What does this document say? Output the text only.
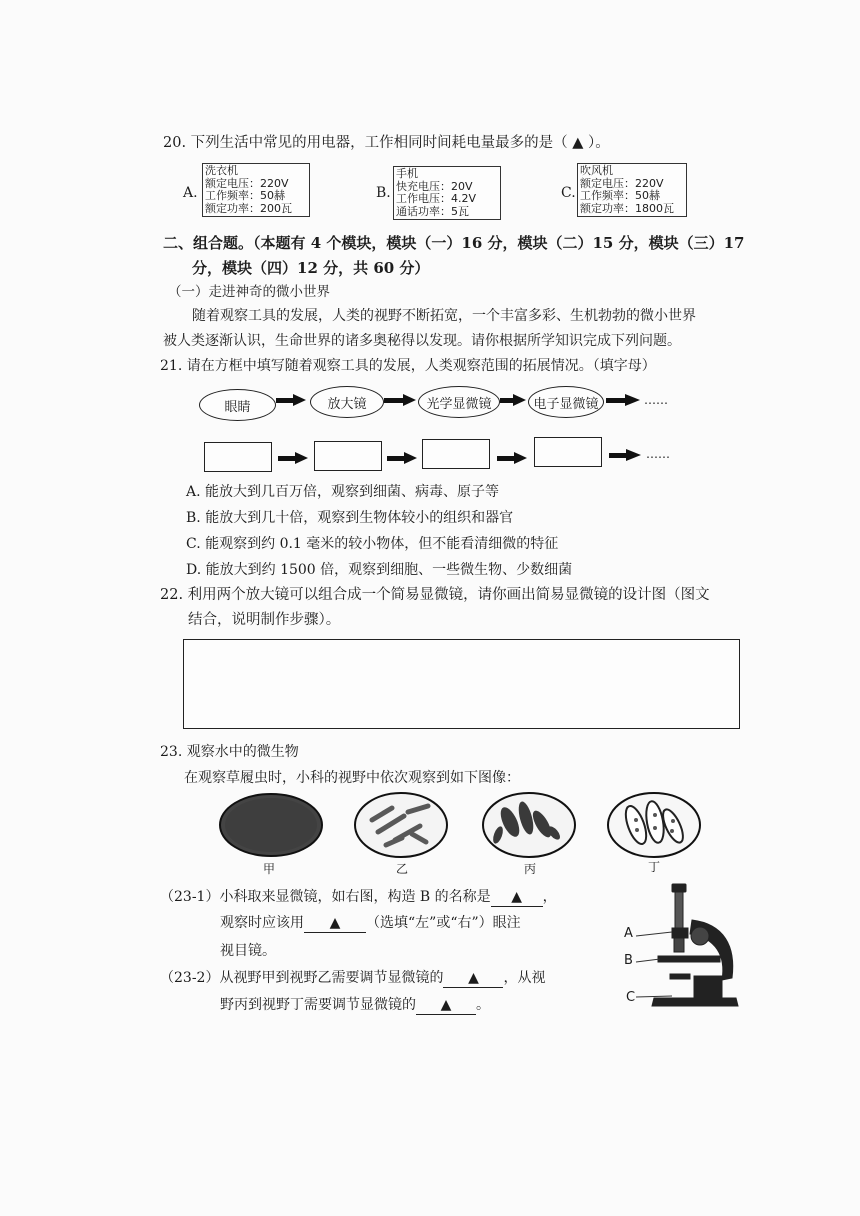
20. 下列生活中常见的用电器，工作相同时间耗电量最多的是（ ▲ ）。
A.
洗衣机
额定电压：220V
工作频率：50赫
额定功率：200瓦
B.
手机
快充电压：20V
工作电压：4.2V
通话功率：5瓦
C.
吹风机
额定电压：220V
工作频率：50赫
额定功率：1800瓦
二、组合题。（本题有 4 个模块，模块（一）16 分，模块（二）15 分，模块（三）17
分，模块（四）12 分，共 60 分）
（一）走进神奇的微小世界
随着观察工具的发展，人类的视野不断拓宽，一个丰富多彩、生机勃勃的微小世界
被人类逐渐认识，生命世界的诸多奥秘得以发现。请你根据所学知识完成下列问题。
21. 请在方框中填写随着观察工具的发展，人类观察范围的拓展情况。（填字母）
眼睛	放大镜	光学显微镜	电子显微镜	……
……
A. 能放大到几百万倍，观察到细菌、病毒、原子等
B. 能放大到几十倍，观察到生物体较小的组织和器官
C. 能观察到约 0.1 毫米的较小物体，但不能看清细微的特征
D. 能放大到约 1500 倍，观察到细胞、一些微生物、少数细菌
22. 利用两个放大镜可以组合成一个简易显微镜，请你画出简易显微镜的设计图（图文
结合，说明制作步骤）。
23. 观察水中的微生物
在观察草履虫时，小科的视野中依次观察到如下图像：
甲	乙	丙	丁
（23-1）小科取来显微镜，如右图，构造 B 的名称是 ▲ ，
观察时应该用 ▲ （选填“左”或“右”）眼注
视目镜。
（23-2）从视野甲到视野乙需要调节显微镜的 ▲ ，从视
野丙到视野丁需要调节显微镜的 ▲ 。
A
B
C
